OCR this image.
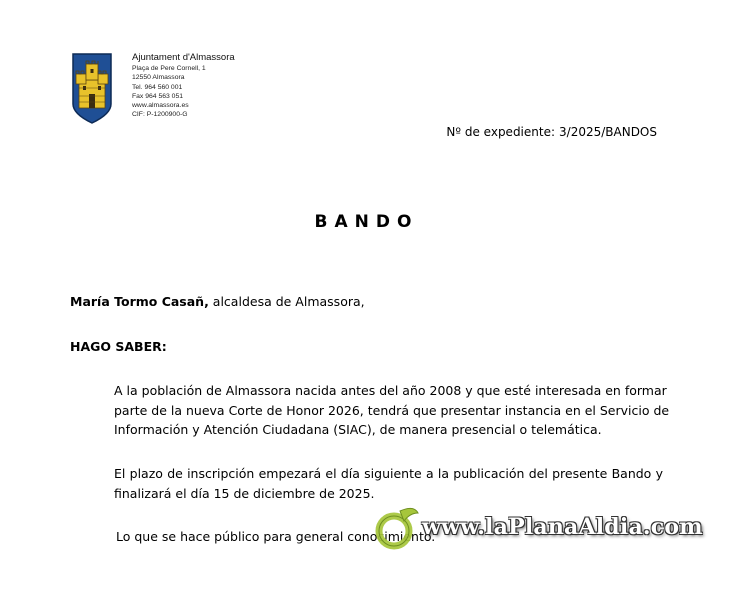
Ajuntament d'Almassora
Plaça de Pere Cornell, 1
12550 Almassora
Tel. 964 560 001
Fax 964 563 051
www.almassora.es
CIF: P-1200900-G
Nº de expediente: 3/2025/BANDOS
BANDO
María Tormo Casañ, alcaldesa de Almassora,
HAGO SABER:
A la población de Almassora nacida antes del año 2008 y que esté interesada en formar
parte de la nueva Corte de Honor 2026, tendrá que presentar instancia en el Servicio de
Información y Atención Ciudadana (SIAC), de manera presencial o telemática.
El plazo de inscripción empezará el día siguiente a la publicación del presente Bando y
finalizará el día 15 de diciembre de 2025.
Lo que se hace público para general conocimiento.
www.laPlanaAldia.com
